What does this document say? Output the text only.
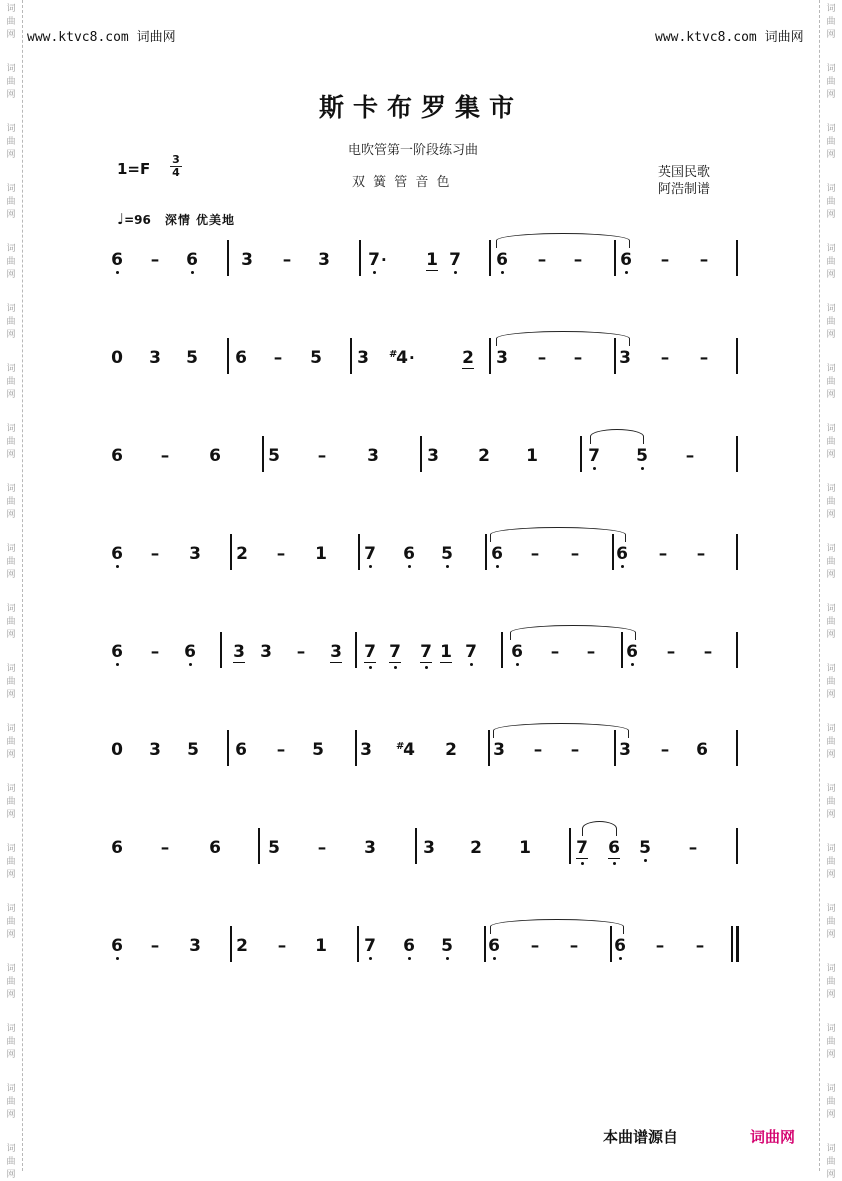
词
曲
网
词
曲
网
词
曲
网
词
曲
网
词
曲
网
词
曲
网
词
曲
网
词
曲
网
词
曲
网
词
曲
网
词
曲
网
词
曲
网
词
曲
网
词
曲
网
词
曲
网
词
曲
网
词
曲
网
词
曲
网
词
曲
网
词
曲
网
词
曲
网
词
曲
网
词
曲
网
词
曲
网
词
曲
网
词
曲
网
词
曲
网
词
曲
网
词
曲
网
词
曲
网
词
曲
网
词
曲
网
词
曲
网
词
曲
网
词
曲
网
词
曲
网
词
曲
网
词
曲
网
词
曲
网
词
曲
网
www.ktvc8.com 词曲网	www.ktvc8.com 词曲网
斯卡布罗集市
电吹管第一阶段练习曲
双 簧 管 音 色
1=F
3
4	英国民歌
阿浩制谱
♩=96 深情 优美地
6 – 6	3 – 3 7 · 1 7 6 – – 6 – –
0 3 5 6 – 5 3 4
# ·	2 3 – – 3 – –
6 – 6	5 – 3	3 2 1	7 5 –
6 – 3 2 – 1 7 6 5 6 – – 6 – –
6 – 6 3 3 – 3 7 7 7 1 7 6 – – 6 – –
0 3 5 6 – 5 3 4
# 2 3 – – 3 – 6
6 – 6	5 – 3	3 2 1	7 6 5 –
6 – 3 2 – 1 7 6 5 6 – – 6 – –
本曲谱源自	词曲网
